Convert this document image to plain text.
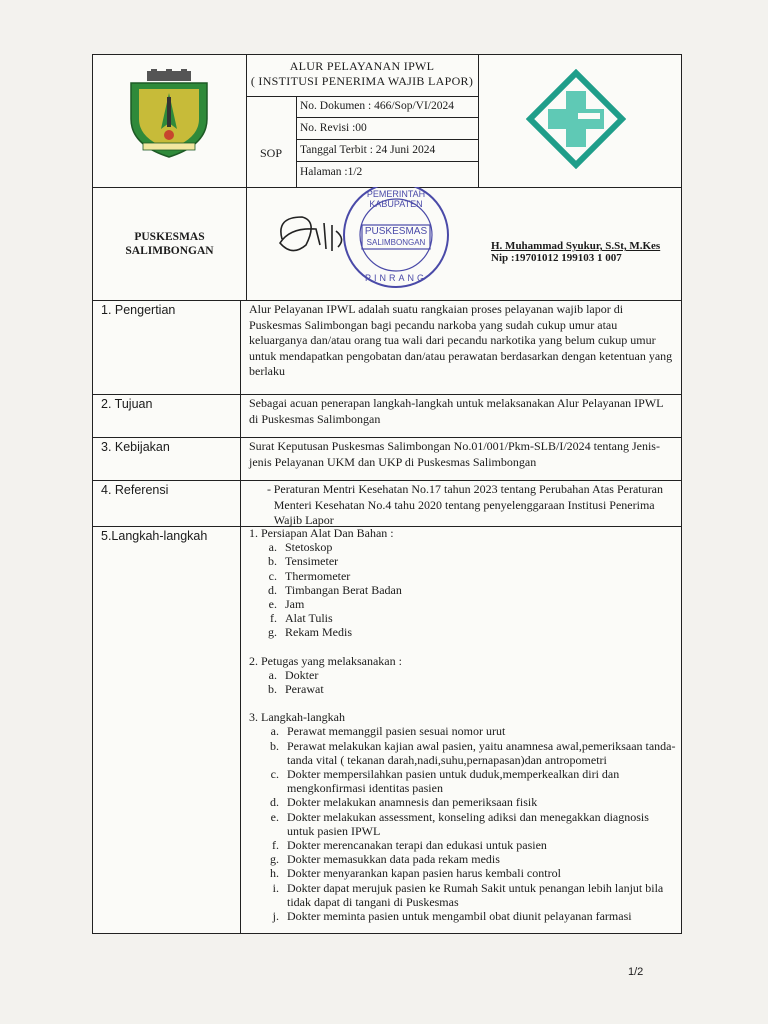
ALUR PELAYANAN IPWL
( INSTITUSI PENERIMA WAJIB LAPOR)
SOP
No. Dokumen : 466/Sop/VI/2024
No. Revisi :00
Tanggal Terbit : 24 Juni 2024
Halaman :1/2
PUSKESMAS
SALIMBONGAN
PEMERINTAH KABUPATEN
PUSKESMAS
SALIMBONGAN
PINRANG
H. Muhammad Syukur, S.St, M.Kes
Nip :19701012 199103 1 007
1. Pengertian	Alur Pelayanan IPWL adalah suatu rangkaian proses pelayanan wajib lapor di Puskesmas Salimbongan bagi pecandu narkoba yang sudah cukup umur atau keluarganya dan/atau orang tua wali dari pecandu narkotika yang belum cukup umur untuk mendapatkan pengobatan dan/atau perawatan berdasarkan dengan ketentuan yang berlaku
2. Tujuan	Sebagai acuan penerapan langkah-langkah untuk melaksanakan Alur Pelayanan IPWL di Puskesmas Salimbongan
3. Kebijakan	Surat Keputusan Puskesmas Salimbongan No.01/001/Pkm-SLB/I/2024 tentang Jenis-jenis Pelayanan UKM dan UKP di Puskesmas Salimbongan
4. Referensi	- Peraturan Mentri Kesehatan No.17 tahun 2023 tentang Perubahan Atas Peraturan Menteri Kesehatan No.4 tahu 2020 tentang penyelenggaraan Institusi Penerima Wajib Lapor
5.Langkah-langkah	1. Persiapan Alat Dan Bahan :
a. Stetoskop
b. Tensimeter
c. Thermometer
d. Timbangan Berat Badan
e. Jam
f. Alat Tulis
g. Rekam Medis
2. Petugas yang melaksanakan :
a. Dokter
b. Perawat
3. Langkah-langkah
a. Perawat memanggil pasien sesuai nomor urut
b. Perawat melakukan kajian awal pasien, yaitu anamnesa awal,pemeriksaan tanda-tanda vital ( tekanan darah,nadi,suhu,pernapasan)dan antropometri
c. Dokter mempersilahkan pasien untuk duduk,memperkealkan diri dan mengkonfirmasi identitas pasien
d. Dokter melakukan anamnesis dan pemeriksaan fisik
e. Dokter melakukan assessment, konseling adiksi dan menegakkan diagnosis untuk pasien IPWL
f. Dokter merencanakan terapi dan edukasi untuk pasien
g. Dokter memasukkan data pada rekam medis
h. Dokter menyarankan kapan pasien harus kembali control
i. Dokter dapat merujuk pasien ke Rumah Sakit untuk penangan lebih lanjut bila tidak dapat di tangani di Puskesmas
j. Dokter meminta pasien untuk mengambil obat diunit pelayanan farmasi
1/2
